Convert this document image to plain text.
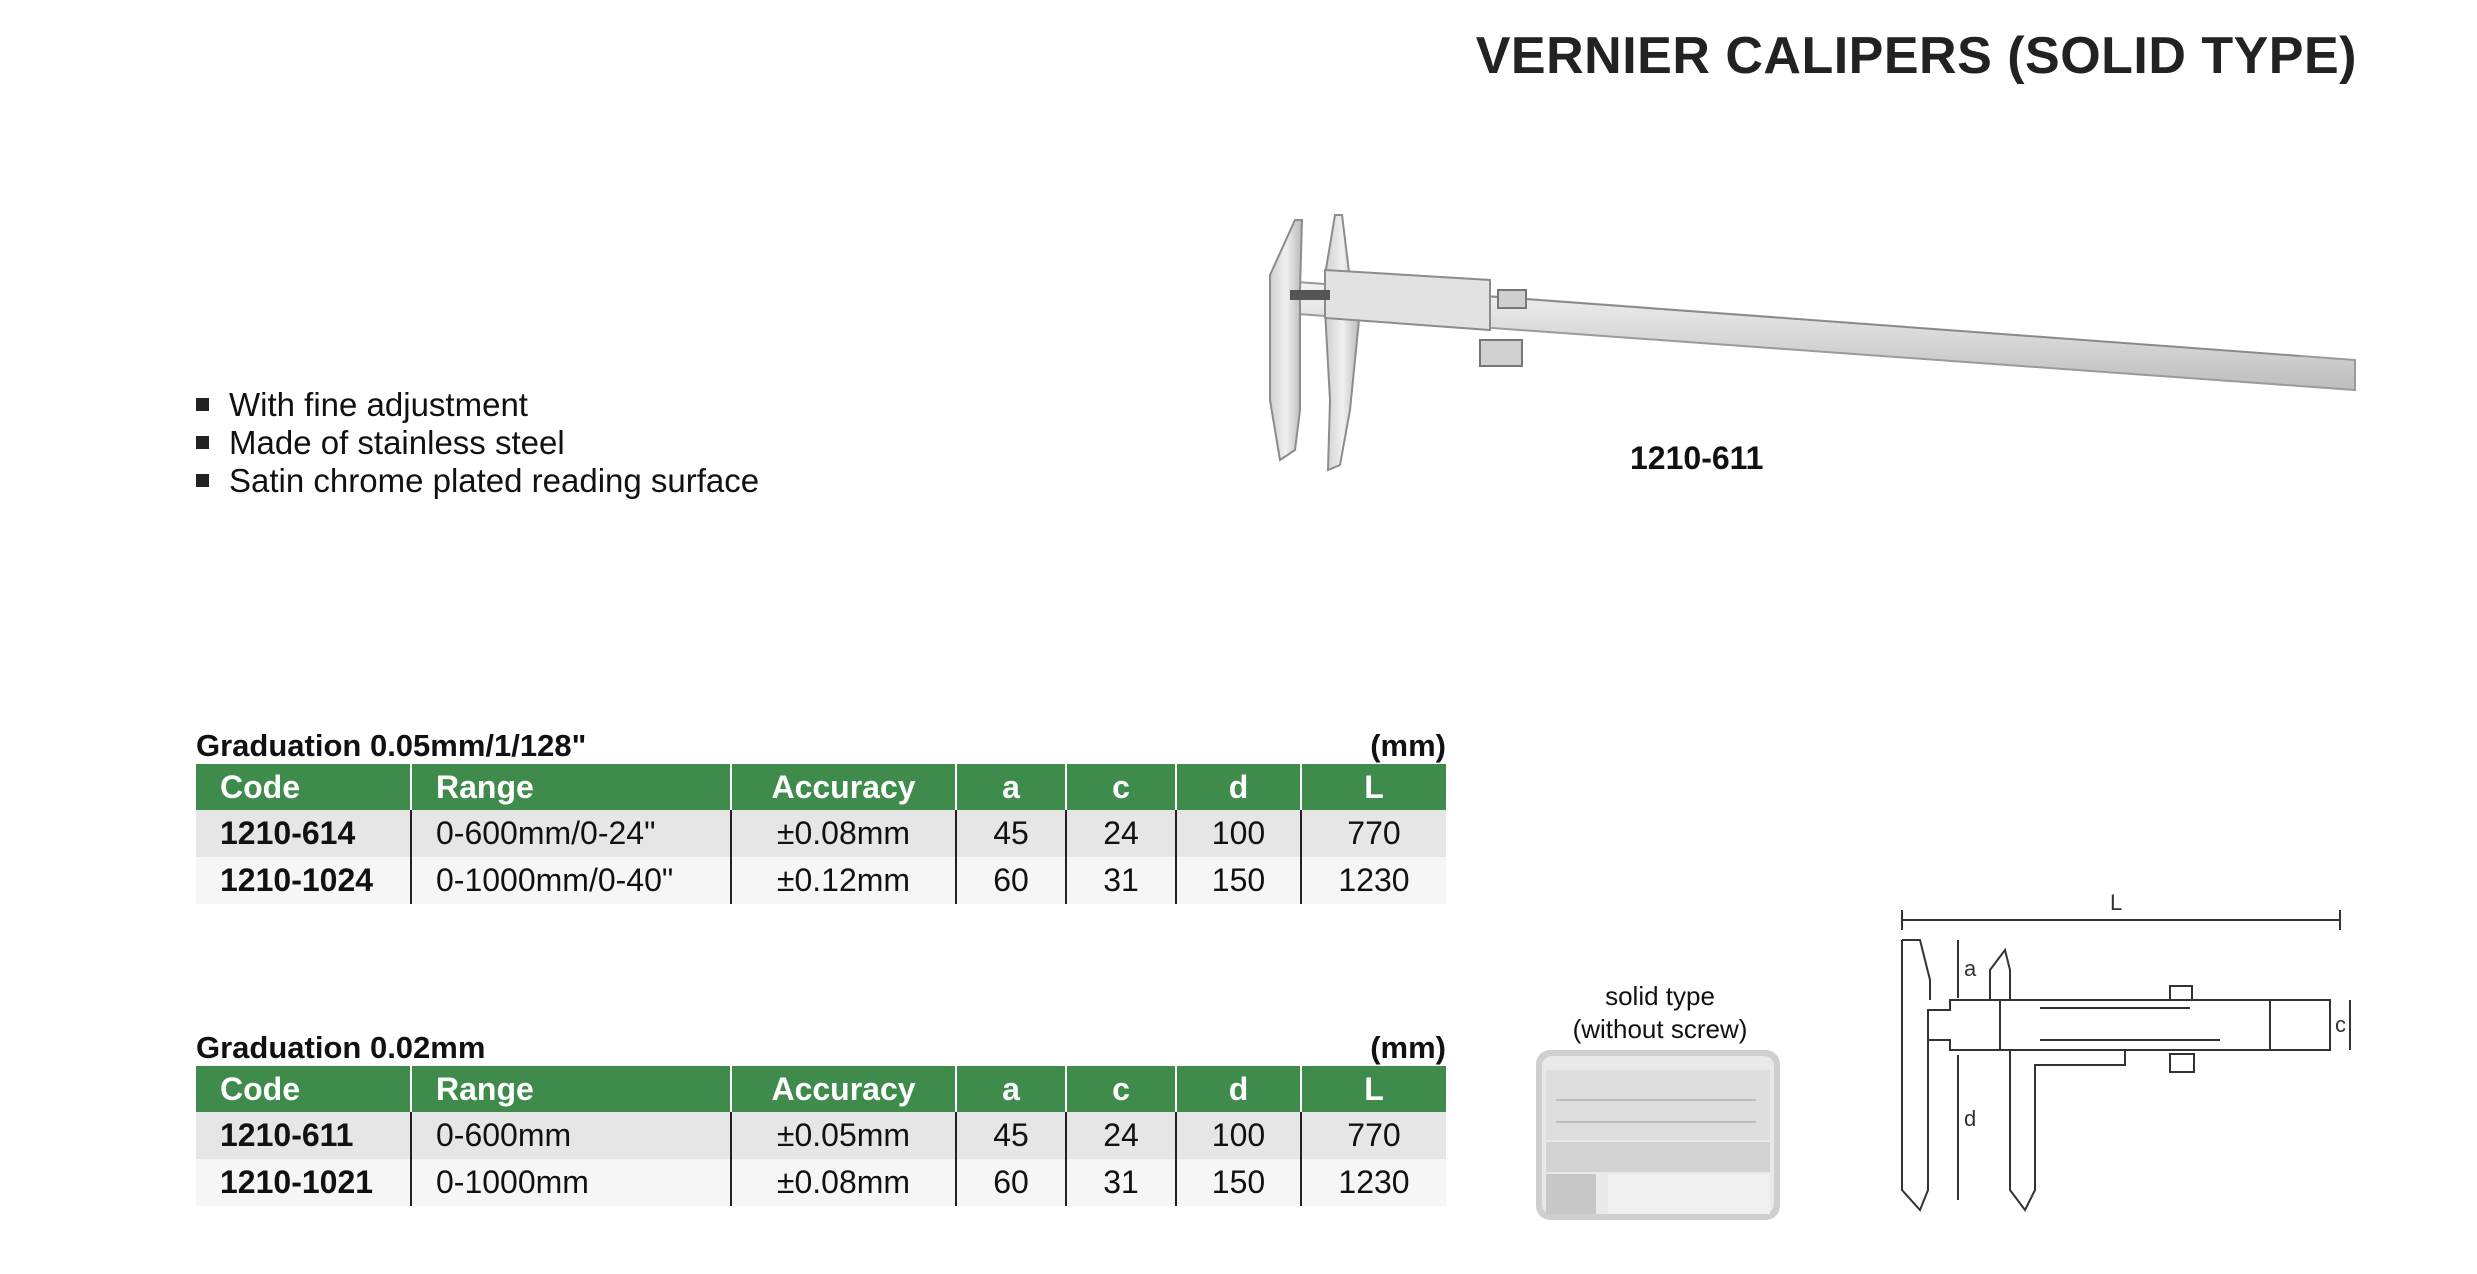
VERNIER CALIPERS (SOLID TYPE)
With fine adjustment
Made of stainless steel
Satin chrome plated reading surface
1210-611
Graduation 0.05mm/1/128"	(mm)
Code	Range	Accuracy	a	c	d	L
1210-614	0-600mm/0-24"	±0.08mm	45	24	100	770
1210-1024	0-1000mm/0-40"	±0.12mm	60	31	150	1230
Graduation 0.02mm	(mm)
Code	Range	Accuracy	a	c	d	L
1210-611	0-600mm	±0.05mm	45	24	100	770
1210-1021	0-1000mm	±0.08mm	60	31	150	1230
solid type
(without screw)
L
a
d
c
